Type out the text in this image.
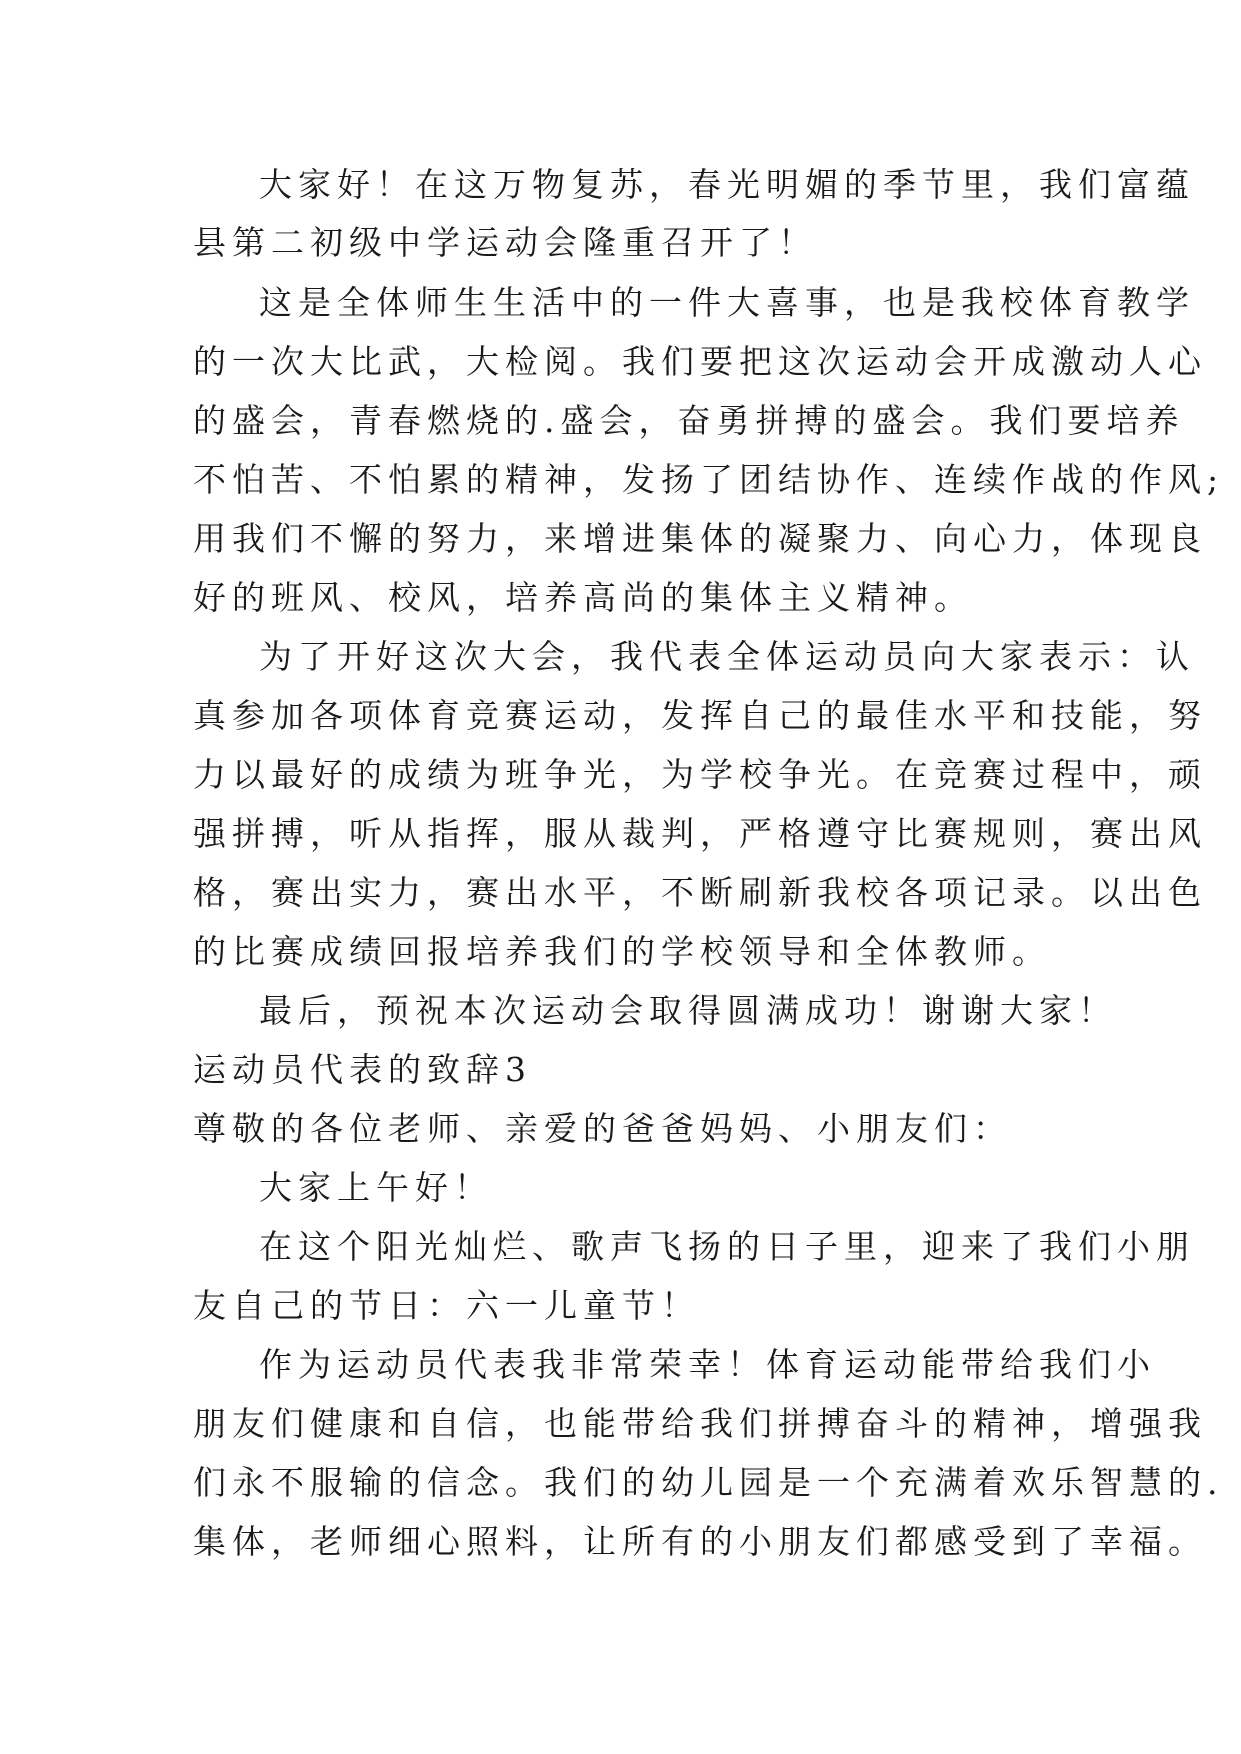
大家好！在这万物复苏，春光明媚的季节里，我们富蕴
县第二初级中学运动会隆重召开了！
这是全体师生生活中的一件大喜事，也是我校体育教学
的一次大比武，大检阅。我们要把这次运动会开成激动人心
的盛会，青春燃烧的.盛会，奋勇拼搏的盛会。我们要培养
不怕苦、不怕累的精神，发扬了团结协作、连续作战的作风;
用我们不懈的努力，来增进集体的凝聚力、向心力，体现良
好的班风、校风，培养高尚的集体主义精神。
为了开好这次大会，我代表全体运动员向大家表示：认
真参加各项体育竞赛运动，发挥自己的最佳水平和技能，努
力以最好的成绩为班争光，为学校争光。在竞赛过程中，顽
强拼搏，听从指挥，服从裁判，严格遵守比赛规则，赛出风
格，赛出实力，赛出水平，不断刷新我校各项记录。以出色
的比赛成绩回报培养我们的学校领导和全体教师。
最后，预祝本次运动会取得圆满成功！谢谢大家！
运动员代表的致辞3
尊敬的各位老师、亲爱的爸爸妈妈、小朋友们：
大家上午好！
在这个阳光灿烂、歌声飞扬的日子里，迎来了我们小朋
友自己的节日：六一儿童节！
作为运动员代表我非常荣幸！体育运动能带给我们小
朋友们健康和自信，也能带给我们拼搏奋斗的精神，增强我
们永不服输的信念。我们的幼儿园是一个充满着欢乐智慧的.
集体，老师细心照料，让所有的小朋友们都感受到了幸福。
